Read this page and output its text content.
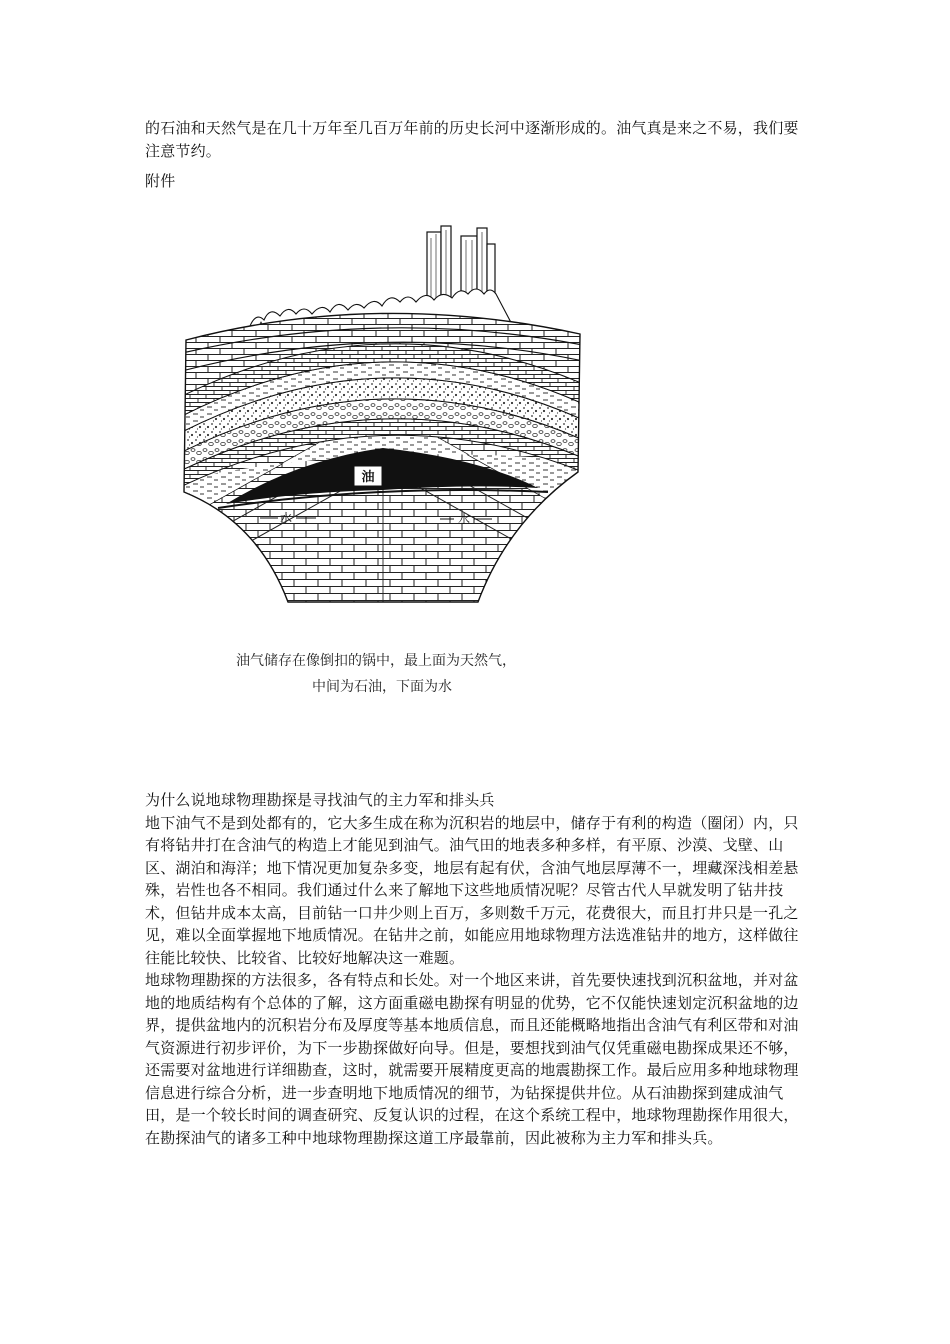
的石油和天然气是在几十万年至几百万年前的历史长河中逐渐形成的。油气真是来之不易，我们要注意节约。

附件

油
水	水
油气储存在像倒扣的锅中，最上面为天然气，
中间为石油，下面为水

为什么说地球物理勘探是寻找油气的主力军和排头兵

地下油气不是到处都有的，它大多生成在称为沉积岩的地层中，储存于有利的构造（圈闭）内，只有将钻井打在含油气的构造上才能见到油气。油气田的地表多种多样，有平原、沙漠、戈壁、山区、湖泊和海洋；地下情况更加复杂多变，地层有起有伏，含油气地层厚薄不一，埋藏深浅相差悬殊，岩性也各不相同。我们通过什么来了解地下这些地质情况呢？尽管古代人早就发明了钻井技术，但钻井成本太高，目前钻一口井少则上百万，多则数千万元，花费很大，而且打井只是一孔之见，难以全面掌握地下地质情况。在钻井之前，如能应用地球物理方法选准钻井的地方，这样做往往能比较快、比较省、比较好地解决这一难题。

地球物理勘探的方法很多，各有特点和长处。对一个地区来讲，首先要快速找到沉积盆地，并对盆地的地质结构有个总体的了解，这方面重磁电勘探有明显的优势，它不仅能快速划定沉积盆地的边界，提供盆地内的沉积岩分布及厚度等基本地质信息，而且还能概略地指出含油气有利区带和对油气资源进行初步评价，为下一步勘探做好向导。但是，要想找到油气仅凭重磁电勘探成果还不够，还需要对盆地进行详细勘查，这时，就需要开展精度更高的地震勘探工作。最后应用多种地球物理信息进行综合分析，进一步查明地下地质情况的细节，为钻探提供井位。从石油勘探到建成油气田，是一个较长时间的调查研究、反复认识的过程，在这个系统工程中，地球物理勘探作用很大，在勘探油气的诸多工种中地球物理勘探这道工序最靠前，因此被称为主力军和排头兵。
